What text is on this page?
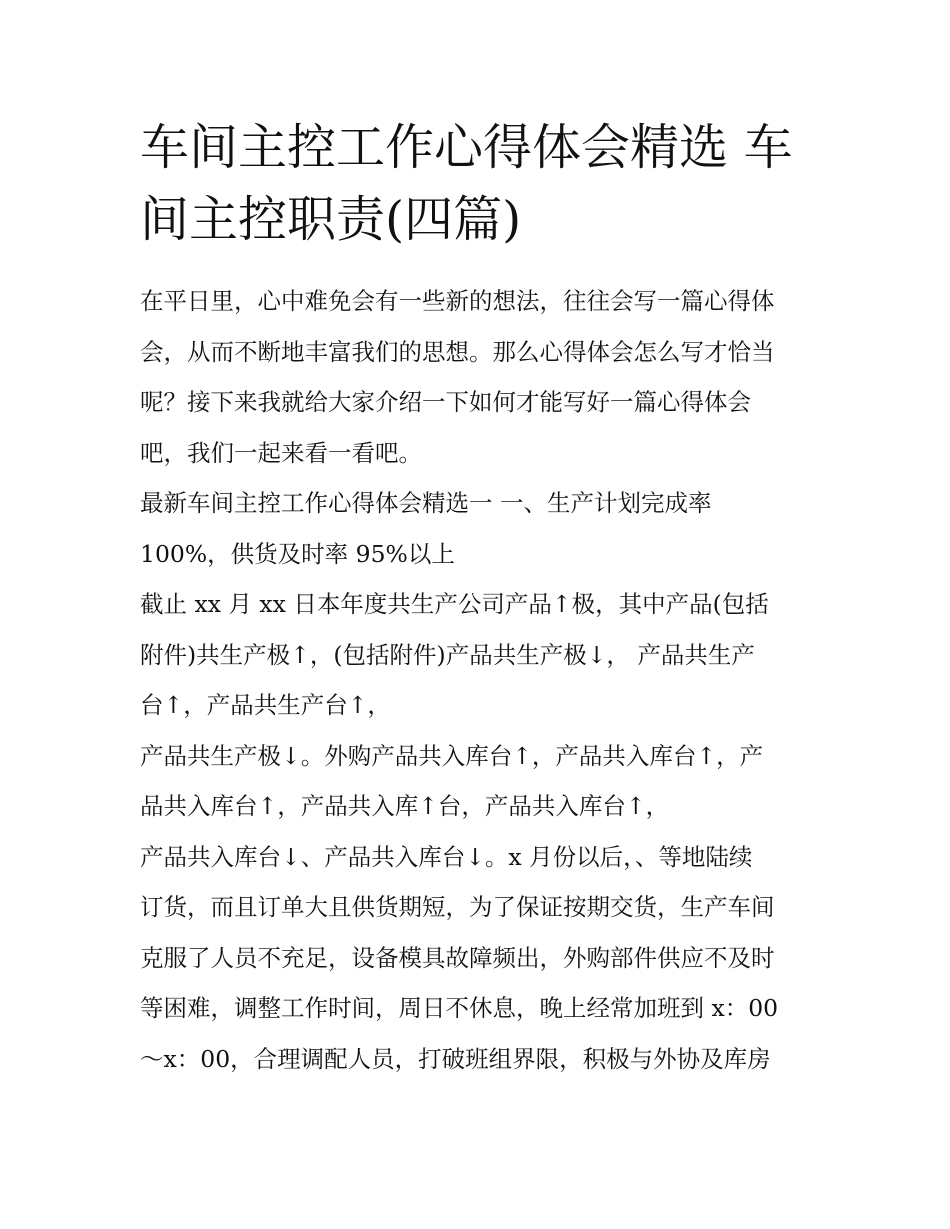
车间主控工作心得体会精选 车间主控职责(四篇)

在平日里，心中难免会有一些新的想法，往往会写一篇心得体

会，从而不断地丰富我们的思想。那么心得体会怎么写才恰当

呢？接下来我就给大家介绍一下如何才能写好一篇心得体会

吧，我们一起来看一看吧。

最新车间主控工作心得体会精选一 一、生产计划完成率

100%，供货及时率 95%以上

截止 xx 月 xx 日本年度共生产公司产品↑极，其中产品(包括

附件)共生产极↑，(包括附件)产品共生产极↓， 产品共生产

台↑，产品共生产台↑，

产品共生产极↓。外购产品共入库台↑，产品共入库台↑，产

品共入库台↑，产品共入库↑台，产品共入库台↑，

产品共入库台↓、产品共入库台↓。x 月份以后，、等地陆续

订货，而且订单大且供货期短，为了保证按期交货，生产车间

克服了人员不充足，设备模具故障频出，外购部件供应不及时

等困难，调整工作时间，周日不休息，晚上经常加班到 x：00

～x：00，合理调配人员，打破班组界限，积极与外协及库房
